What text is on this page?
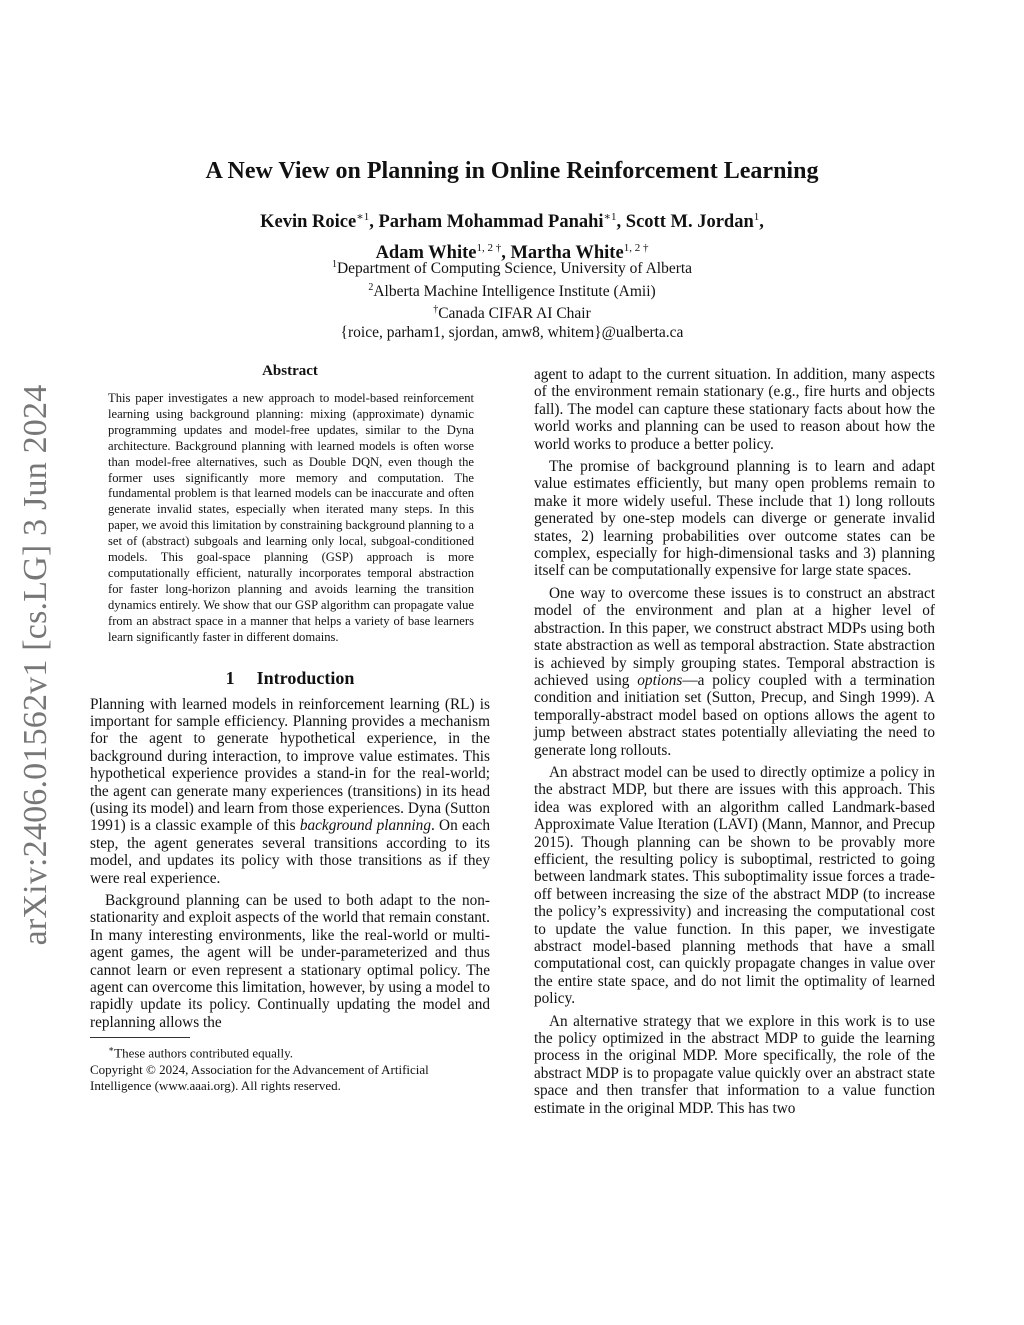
arXiv:2406.01562v1 [cs.LG] 3 Jun 2024
A New View on Planning in Online Reinforcement Learning
Kevin Roice$^{∗1}$, Parham Mohammad Panahi$^{∗1}$, Scott M. Jordan$^1$,
Adam White$^{1, 2 \dagger}$, Martha White$^{1, 2 \dagger}$
$^1$Department of Computing Science, University of Alberta
$^2$Alberta Machine Intelligence Institute (Amii)
†Canada CIFAR AI Chair
{roice, parham1, sjordan, amw8, whitem}@ualberta.ca
Abstract

This paper investigates a new approach to model-based reinforcement learning using background planning: mixing (approximate) dynamic programming updates and model-free updates, similar to the Dyna architecture. Background planning with learned models is often worse than model-free alternatives, such as Double DQN, even though the former uses significantly more memory and computation. The fundamental problem is that learned models can be inaccurate and often generate invalid states, especially when iterated many steps. In this paper, we avoid this limitation by constraining background planning to a set of (abstract) subgoals and learning only local, subgoal-conditioned models. This goal-space planning (GSP) approach is more computationally efficient, naturally incorporates temporal abstraction for faster long-horizon planning and avoids learning the transition dynamics entirely. We show that our GSP algorithm can propagate value from an abstract space in a manner that helps a variety of base learners learn significantly faster in different domains.

1 Introduction

Planning with learned models in reinforcement learning (RL) is important for sample efficiency. Planning provides a mechanism for the agent to generate hypothetical experience, in the background during interaction, to improve value estimates. This hypothetical experience provides a stand-in for the real-world; the agent can generate many experiences (transitions) in its head (using its model) and learn from those experiences. Dyna (Sutton 1991) is a classic example of this background planning. On each step, the agent generates several transitions according to its model, and updates its policy with those transitions as if they were real experience.

Background planning can be used to both adapt to the non-stationarity and exploit aspects of the world that remain constant. In many interesting environments, like the real-world or multi-agent games, the agent will be under-parameterized and thus cannot learn or even represent a stationary optimal policy. The agent can overcome this limitation, however, by using a model to rapidly update its policy. Continually updating the model and replanning allows the

∗These authors contributed equally.
Copyright © 2024, Association for the Advancement of Artificial Intelligence (www.aaai.org). All rights reserved.

agent to adapt to the current situation. In addition, many aspects of the environment remain stationary (e.g., fire hurts and objects fall). The model can capture these stationary facts about how the world works and planning can be used to reason about how the world works to produce a better policy.

The promise of background planning is to learn and adapt value estimates efficiently, but many open problems remain to make it more widely useful. These include that 1) long rollouts generated by one-step models can diverge or generate invalid states, 2) learning probabilities over outcome states can be complex, especially for high-dimensional tasks and 3) planning itself can be computationally expensive for large state spaces.

One way to overcome these issues is to construct an abstract model of the environment and plan at a higher level of abstraction. In this paper, we construct abstract MDPs using both state abstraction as well as temporal abstraction. State abstraction is achieved by simply grouping states. Temporal abstraction is achieved using options—a policy coupled with a termination condition and initiation set (Sutton, Precup, and Singh 1999). A temporally-abstract model based on options allows the agent to jump between abstract states potentially alleviating the need to generate long rollouts.

An abstract model can be used to directly optimize a policy in the abstract MDP, but there are issues with this approach. This idea was explored with an algorithm called Landmark-based Approximate Value Iteration (LAVI) (Mann, Mannor, and Precup 2015). Though planning can be shown to be provably more efficient, the resulting policy is suboptimal, restricted to going between landmark states. This suboptimality issue forces a trade-off between increasing the size of the abstract MDP (to increase the policy’s expressivity) and increasing the computational cost to update the value function. In this paper, we investigate abstract model-based planning methods that have a small computational cost, can quickly propagate changes in value over the entire state space, and do not limit the optimality of learned policy.

An alternative strategy that we explore in this work is to use the policy optimized in the abstract MDP to guide the learning process in the original MDP. More specifically, the role of the abstract MDP is to propagate value quickly over an abstract state space and then transfer that information to a value function estimate in the original MDP. This has two
